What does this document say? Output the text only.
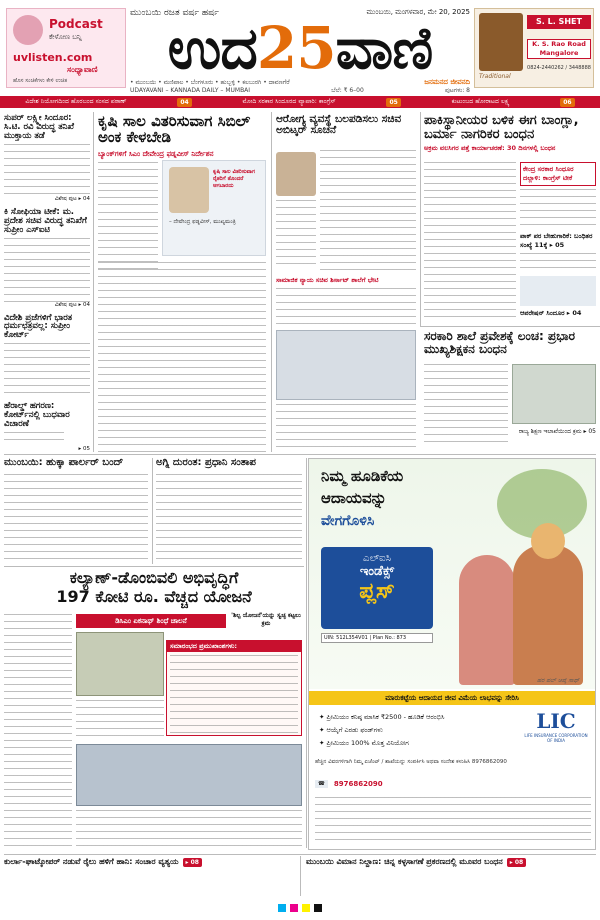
Podcast
ಕೇಳೋಣ ಬನ್ನಿ
uvlisten.com
ಸಂಧ್ಯಾವಾಣಿ
ಹೊಸ ಸಂಚಿಕೆಗಳು ಕೇಳಿ ಉಚಿತ
ಮುಂಬಯಿ ರಜತ ವರ್ಷ ಹರ್ಷ	ಮುಂಬಯಿ, ಮಂಗಳವಾರ, ಮೇ 20, 2025
ಉದ25ವಾಣಿ
• ಮುಂಬಯಿ • ಮಣಿಪಾಲ • ಬೆಂಗಳೂರು • ಹುಬ್ಬಳ್ಳಿ • ಕಲಬುರಗಿ • ದಾವಣಗೆರೆ	ಜನಮನದ ಜೀವನದಿ
UDAYAVANI – KANNADA DAILY – MUMBAI	ಬೆಲೆ: ₹ 6–00	ಪುಟಗಳು: 8
Traditional
S. L. SHET
K. S. Rao Road
Mangalore
0824-2440262 / 3448888
ವಿದೇಶ ನಿಯೋಗದಿಂದ ಹೊರಬಂದ ಸಂಸದ ಪಠಾಣ್	04	ಮೋದಿ ಸರಕಾರ ಸಿಂದೂರದ ವ್ಯಾಪಾರಿ: ಕಾಂಗ್ರೆಸ್	05	ಕುಟುಂಬದ ಹೋರಾಟದ ಲಕ್ಷ್ಯ	06
ಸುಪರ್ ಲಕ್ಸ್ಮೀ ಸಿಂದೂರ: ಸಿ.ಟಿ. ರವಿ ವಿರುದ್ಧ ತನಿಖೆ ಮುಕ್ತಾಯ ತಡೆ
ವಿಶೇಷ ಪುಟ ▸ 04
ಕಿ ಸೋಫಿಯಾ ಟೀಕೆ: ಮ. ಪ್ರದೇಶ ಸಚಿವ ವಿರುದ್ಧ ತನಿಖೆಗೆ ಸುಪ್ರೀಂ ಎಸ್‌ಐಟಿ
ವಿಶೇಷ ಪುಟ ▸ 04
ವಿದೇಶಿ ಪ್ರಜೆಗಳಿಗೆ ಭಾರತ ಧರ್ಮಛತ್ರವಲ್ಲ: ಸುಪ್ರೀಂ ಕೋರ್ಟ್
ಹೆರಾಲ್ಡ್ ಹಗರಣ: ಕೋರ್ಟ್‌ನಲ್ಲಿ ಬುಧವಾರ ವಿಚಾರಣೆ
▸ 05
ಕೃಷಿ ಸಾಲ ವಿತರಿಸುವಾಗ ಸಿಬಿಲ್ ಅಂಕ ಕೇಳಬೇಡಿ
ಬ್ಯಾಂಕ್‌ಗಳಿಗೆ ಸಿಎಂ ದೇವೇಂದ್ರ ಫ‌ಡ್ನವೀಸ್ ನಿರ್ದೇಶನ
ಕೃಷಿ ಸಾಲ ವಿತರಿಸುವಾಗ ರೈತರಿಗೆ ತೊಂದರೆ ಆಗಬಾರದು
– ದೇವೇಂದ್ರ ಫ‌ಡ್ನವೀಸ್, ಮುಖ್ಯಮಂತ್ರಿ
ಆರೋಗ್ಯ ವ್ಯವಸ್ಥೆ ಬಲಪಡಿಸಲು ಸಚಿವ ಅಬಿಟ್ಕರ್ ಸೂಚನೆ
ಸಾಮಾಜಿಕ ನ್ಯಾಯ ಸಚಿವ ಶಿರ್ಸಾಟ್ ಶಾಲೆಗೆ ಭೇಟಿ
ಪಾಕಿಸ್ಥಾನೀಯರ ಬಳಿಕ ಈಗ ಬಾಂಗ್ಲಾ, ಬರ್ಮಾ ನಾಗರಿಕರ ಬಂಧನ
ಅಕ್ರಮ ವಲಸಿಗರ ಪತ್ತೆ ಕಾರ್ಯಾಚರಣೆ: 30 ದಿನಗಳಲ್ಲಿ ಬಂಧನ
ಕೇಂದ್ರ ಸರಕಾರ ಸಿಂಧೂರ ದಲ್ಲಾಳಿ: ಕಾಂಗ್ರೆಸ್ ಟೀಕೆ
ಪಾಕ್ ಪರ ಬೇಹುಗಾರಿಕೆ: ಬಂಧಿತರ ಸಂಖ್ಯೆ 11ಕ್ಕೆ ▸ 05
ಆಪರೇಷನ್ ಸಿಂದೂರ ▸ 04
ಸರಕಾರಿ ಶಾಲೆ ಪ್ರವೇಶಕ್ಕೆ ಲಂಚ: ಪ್ರಭಾರ ಮುಖ್ಯಶಿಕ್ಷಕನ ಬಂಧನ
ರಾಜ್ಯ ಶಿಕ್ಷಣ ಇಲಾಖೆಯಿಂದ ಕ್ರಮ ▸ 05
ಮುಂಬಯಿ: ಹುಕ್ಕಾ ಪಾರ್ಲರ್ ಬಂದ್	ಅಗ್ನಿ ದುರಂತ: ಪ್ರಧಾನಿ ಸಂತಾಪ
ಕಲ್ಯಾಣ್-ಡೊಂಬಿವಲಿ ಅಭಿವೃದ್ಧಿಗೆ
197 ಕೋಟಿ ರೂ. ವೆಚ್ಚದ ಯೋಜನೆ
ಡಿಸಿಎಂ ಏಕನಾಥ್ ಶಿಂಧೆ ಚಾಲನೆ
'ಶಿಲ್ಪ ಯೋಜನೆ'ಯನ್ನು ಸ್ವಚ್ಛ ಕಟ್ಟಲು ಕ್ರಮ
ಸಮಾರಂಭದ ಪ್ರಮುಖಾಂಶಗಳು:
ನಿಮ್ಮ ಹೂಡಿಕೆಯ
ಆದಾಯವನ್ನು
ವೇಗಗೊಳಿಸಿ
ಎಲ್‌ಐಸಿ
ಇಂಡೆಕ್ಸ್
ಪ್ಲಸ್
UIN: 512L354V01 | Plan No.: 873
ಹರ ಪಲ್ ಆಪ್ಕೆ ಸಾಥ್
ಮಾರುಕಟ್ಟೆಯ ಆದಾಯದ ಜೀವ ವಿಮೆಯ ಲಾಭವನ್ನು ಸೇರಿಸಿ
✦ ಪ್ರೀಮಿಯಂ ಕನಿಷ್ಠ ಮಾಸಿಕ ₹2500 - ಹೂಡಿಕೆ ಆರಂಭಿಸಿ
✦ ಆಯ್ಕೆಗೆ ಎರಡು ಫಂಡ್‌ಗಳು
✦ ಪ್ರೀಮಿಯಂ 100% ಮೊತ್ತ ವಿನಿಯೋಗ
LIC
LIFE INSURANCE CORPORATION OF INDIA
ಹೆಚ್ಚಿನ ವಿವರಗಳಿಗಾಗಿ ನಿಮ್ಮ ಏಜೆಂಟ್ / ಶಾಖೆಯನ್ನು ಸಂಪರ್ಕಿಸಿ ಅಥವಾ ಸಂದೇಶ ಕಳುಹಿಸಿ 8976862090
☎	8976862090
ಕುರ್ಲಾ-ಘಾಟ್ಕೋಪರ್ ನಡುವೆ ರೈಲು ಹಳಿಗೆ ಹಾನಿ: ಸಂಚಾರ ವ್ಯತ್ಯಯ	▸ 08	ಮುಂಬಯಿ ವಿಮಾನ ನಿಲ್ದಾಣ: ಚಿನ್ನ ಕಳ್ಳಸಾಗಣೆ ಪ್ರಕರಣದಲ್ಲಿ ಮೂವರ ಬಂಧನ	▸ 08
